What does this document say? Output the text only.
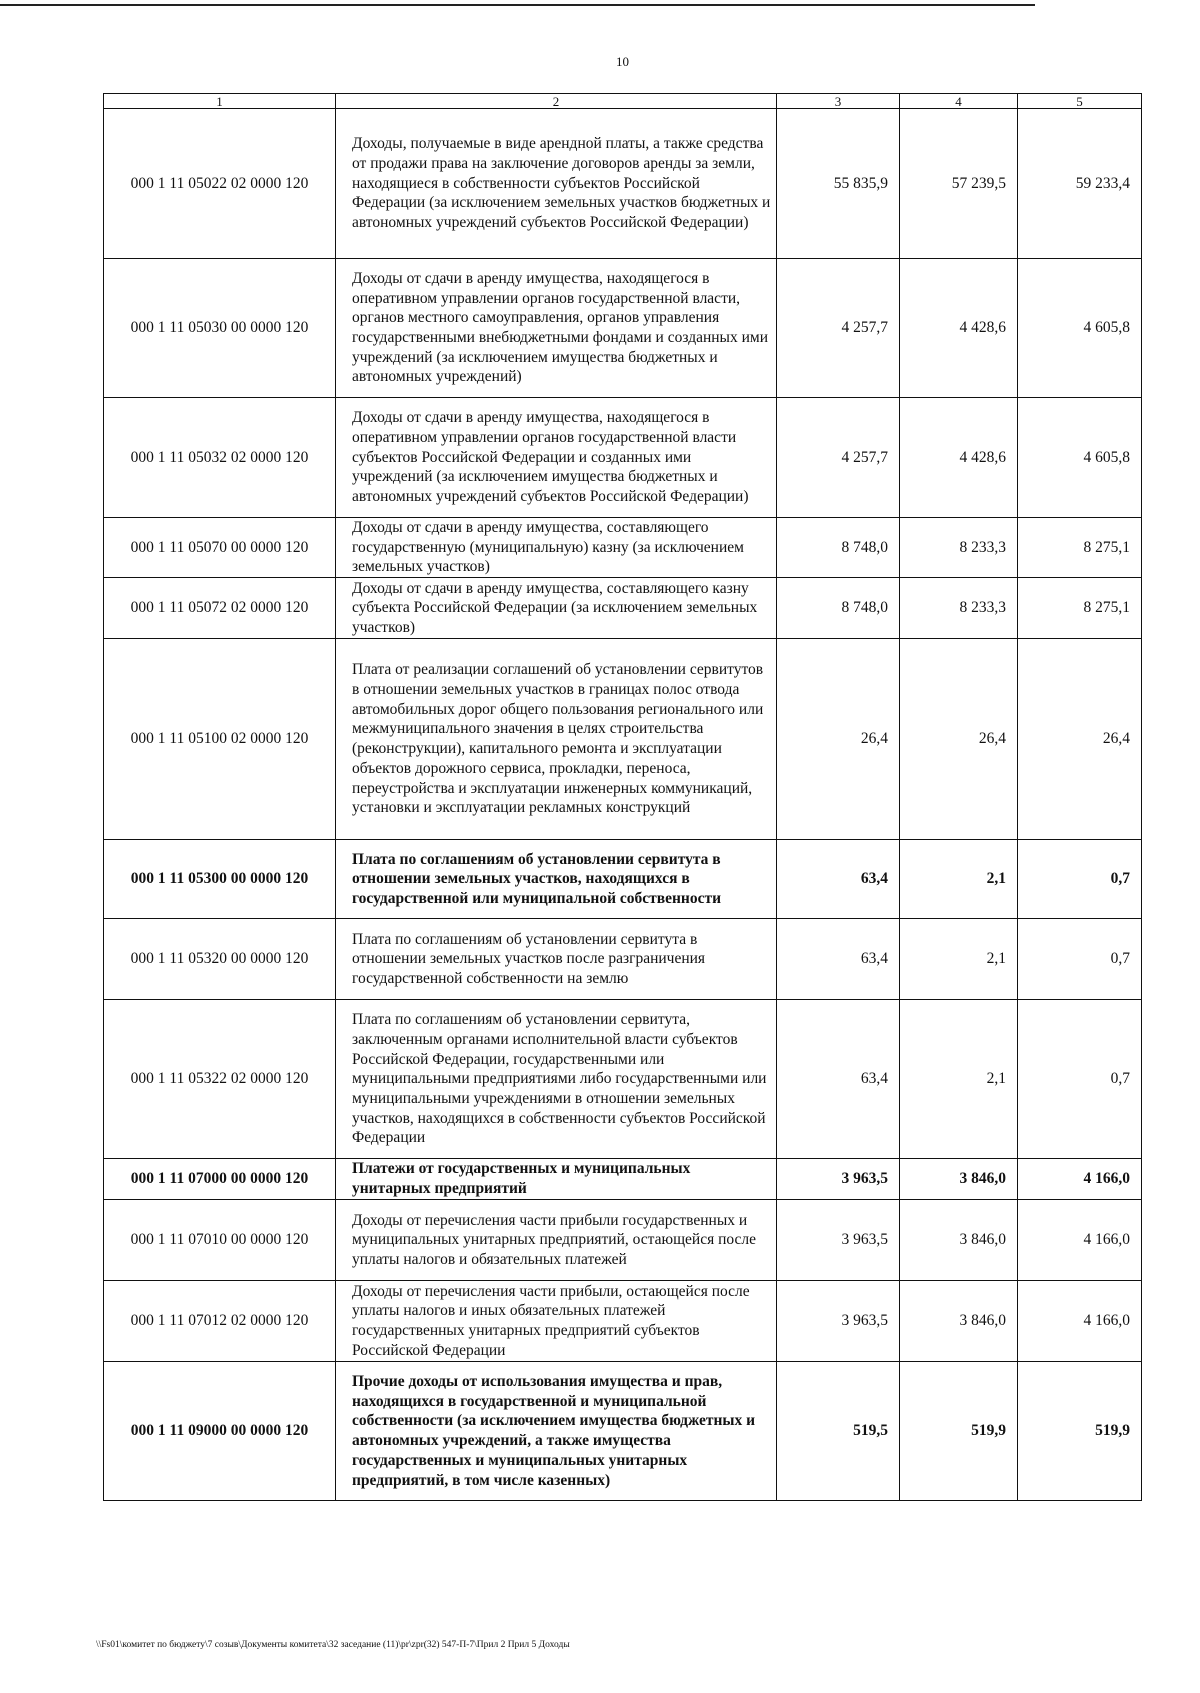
10
1	2	3	4	5
000 1 11 05022 02 0000 120	Доходы, получаемые в виде арендной платы, а также средства от продажи права на заключение договоров аренды за земли, находящиеся в собственности субъектов Российской Федерации (за исключением земельных участков бюджетных и автономных учреждений субъектов Российской Федерации)	55 835,9	57 239,5	59 233,4
000 1 11 05030 00 0000 120	Доходы от сдачи в аренду имущества, находящегося в оперативном управлении органов государственной власти, органов местного самоуправления, органов управления государственными внебюджетными фондами и созданных ими учреждений (за исключением имущества бюджетных и автономных учреждений)	4 257,7	4 428,6	4 605,8
000 1 11 05032 02 0000 120	Доходы от сдачи в аренду имущества, находящегося в оперативном управлении органов государственной власти субъектов Российской Федерации и созданных ими учреждений (за исключением имущества бюджетных и автономных учреждений субъектов Российской Федерации)	4 257,7	4 428,6	4 605,8
000 1 11 05070 00 0000 120	Доходы от сдачи в аренду имущества, составляющего государственную (муниципальную) казну (за исключением земельных участков)	8 748,0	8 233,3	8 275,1
000 1 11 05072 02 0000 120	Доходы от сдачи в аренду имущества, составляющего казну субъекта Российской Федерации (за исключением земельных участков)	8 748,0	8 233,3	8 275,1
000 1 11 05100 02 0000 120	Плата от реализации соглашений об установлении сервитутов в отношении земельных участков в границах полос отвода автомобильных дорог общего пользования регионального или межмуниципального значения в целях строительства (реконструкции), капитального ремонта и эксплуатации объектов дорожного сервиса, прокладки, переноса, переустройства и эксплуатации инженерных коммуникаций, установки и эксплуатации рекламных конструкций	26,4	26,4	26,4
000 1 11 05300 00 0000 120	Плата по соглашениям об установлении сервитута в отношении земельных участков, находящихся в государственной или муниципальной собственности	63,4	2,1	0,7
000 1 11 05320 00 0000 120	Плата по соглашениям об установлении сервитута в отношении земельных участков после разграничения государственной собственности на землю	63,4	2,1	0,7
000 1 11 05322 02 0000 120	Плата по соглашениям об установлении сервитута, заключенным органами исполнительной власти субъектов Российской Федерации, государственными или муниципальными предприятиями либо государственными или муниципальными учреждениями в отношении земельных участков, находящихся в собственности субъектов Российской Федерации	63,4	2,1	0,7
000 1 11 07000 00 0000 120	Платежи от государственных и муниципальных унитарных предприятий	3 963,5	3 846,0	4 166,0
000 1 11 07010 00 0000 120	Доходы от перечисления части прибыли государственных и муниципальных унитарных предприятий, остающейся после уплаты налогов и обязательных платежей	3 963,5	3 846,0	4 166,0
000 1 11 07012 02 0000 120	Доходы от перечисления части прибыли, остающейся после уплаты налогов и иных обязательных платежей государственных унитарных предприятий субъектов Российской Федерации	3 963,5	3 846,0	4 166,0
000 1 11 09000 00 0000 120	Прочие доходы от использования имущества и прав, находящихся в государственной и муниципальной собственности (за исключением имущества бюджетных и автономных учреждений, а также имущества государственных и муниципальных унитарных предприятий, в том числе казенных)	519,5	519,9	519,9
\\Fs01\комитет по бюджету\7 созыв\Документы комитета\32 заседание (11)\pr\zpr(32) 547-П-7\Прил 2 Прил 5 Доходы
